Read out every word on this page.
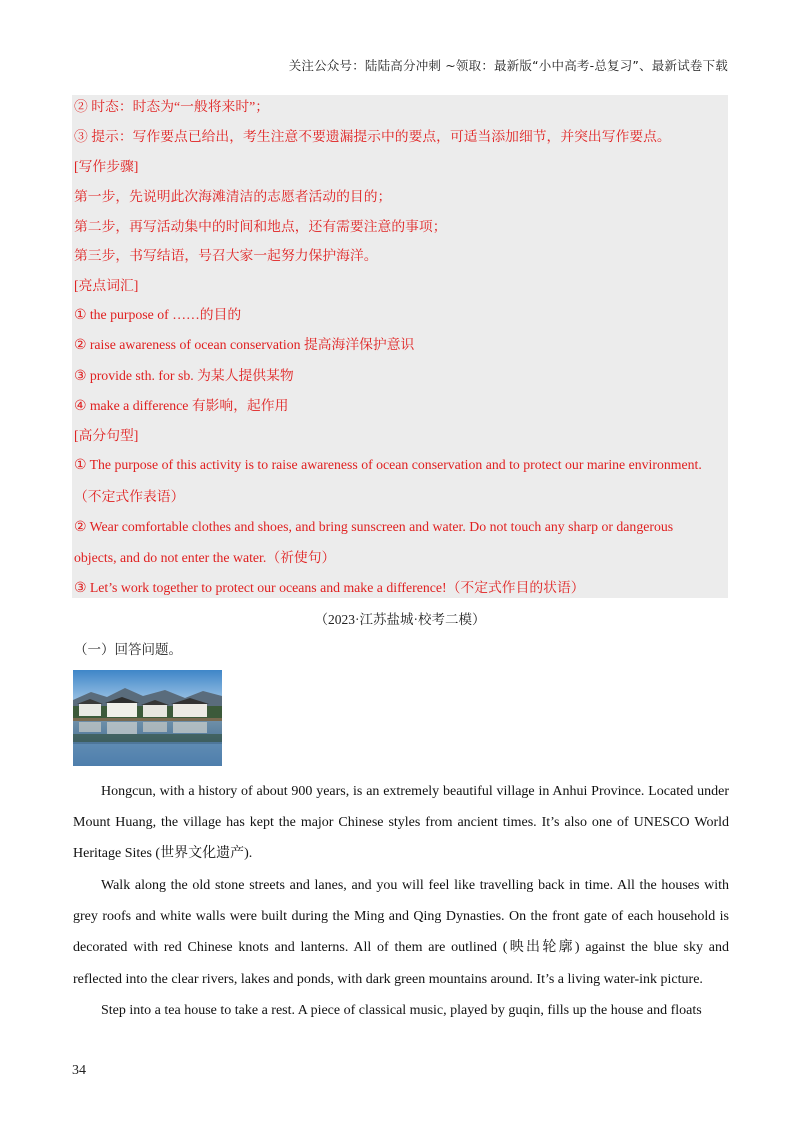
关注公众号：陆陆高分冲刺 ~领取：最新版“小中高考-总复习”、最新试卷下载
② 时态：时态为“一般将来时”；
③ 提示：写作要点已给出，考生注意不要遗漏提示中的要点，可适当添加细节，并突出写作要点。
[写作步骤]
第一步，先说明此次海滩清洁的志愿者活动的目的；
第二步，再写活动集中的时间和地点，还有需要注意的事项；
第三步，书写结语，号召大家一起努力保护海洋。
[亮点词汇]
① the purpose of ……的目的
② raise awareness of ocean conservation 提高海洋保护意识
③ provide sth. for sb. 为某人提供某物
④ make a difference 有影响，起作用
[高分句型]
① The purpose of this activity is to raise awareness of ocean conservation and to protect our marine environment.
（不定式作表语）
② Wear comfortable clothes and shoes, and bring sunscreen and water. Do not touch any sharp or dangerous
objects, and do not enter the water.（祈使句）
③ Let’s work together to protect our oceans and make a difference!（不定式作目的状语）
（2023·江苏盐城·校考二模）
（一）回答问题。
Hongcun, with a history of about 900 years, is an extremely beautiful village in Anhui Province. Located under Mount Huang, the village has kept the major Chinese styles from ancient times. It’s also one of UNESCO World Heritage Sites (世界文化遗产).
Walk along the old stone streets and lanes, and you will feel like travelling back in time. All the houses with grey roofs and white walls were built during the Ming and Qing Dynasties. On the front gate of each household is decorated with red Chinese knots and lanterns. All of them are outlined (映出轮廓) against the blue sky and reflected into the clear rivers, lakes and ponds, with dark green mountains around. It’s a living water-ink picture.
Step into a tea house to take a rest. A piece of classical music, played by guqin, fills up the house and floats
34
